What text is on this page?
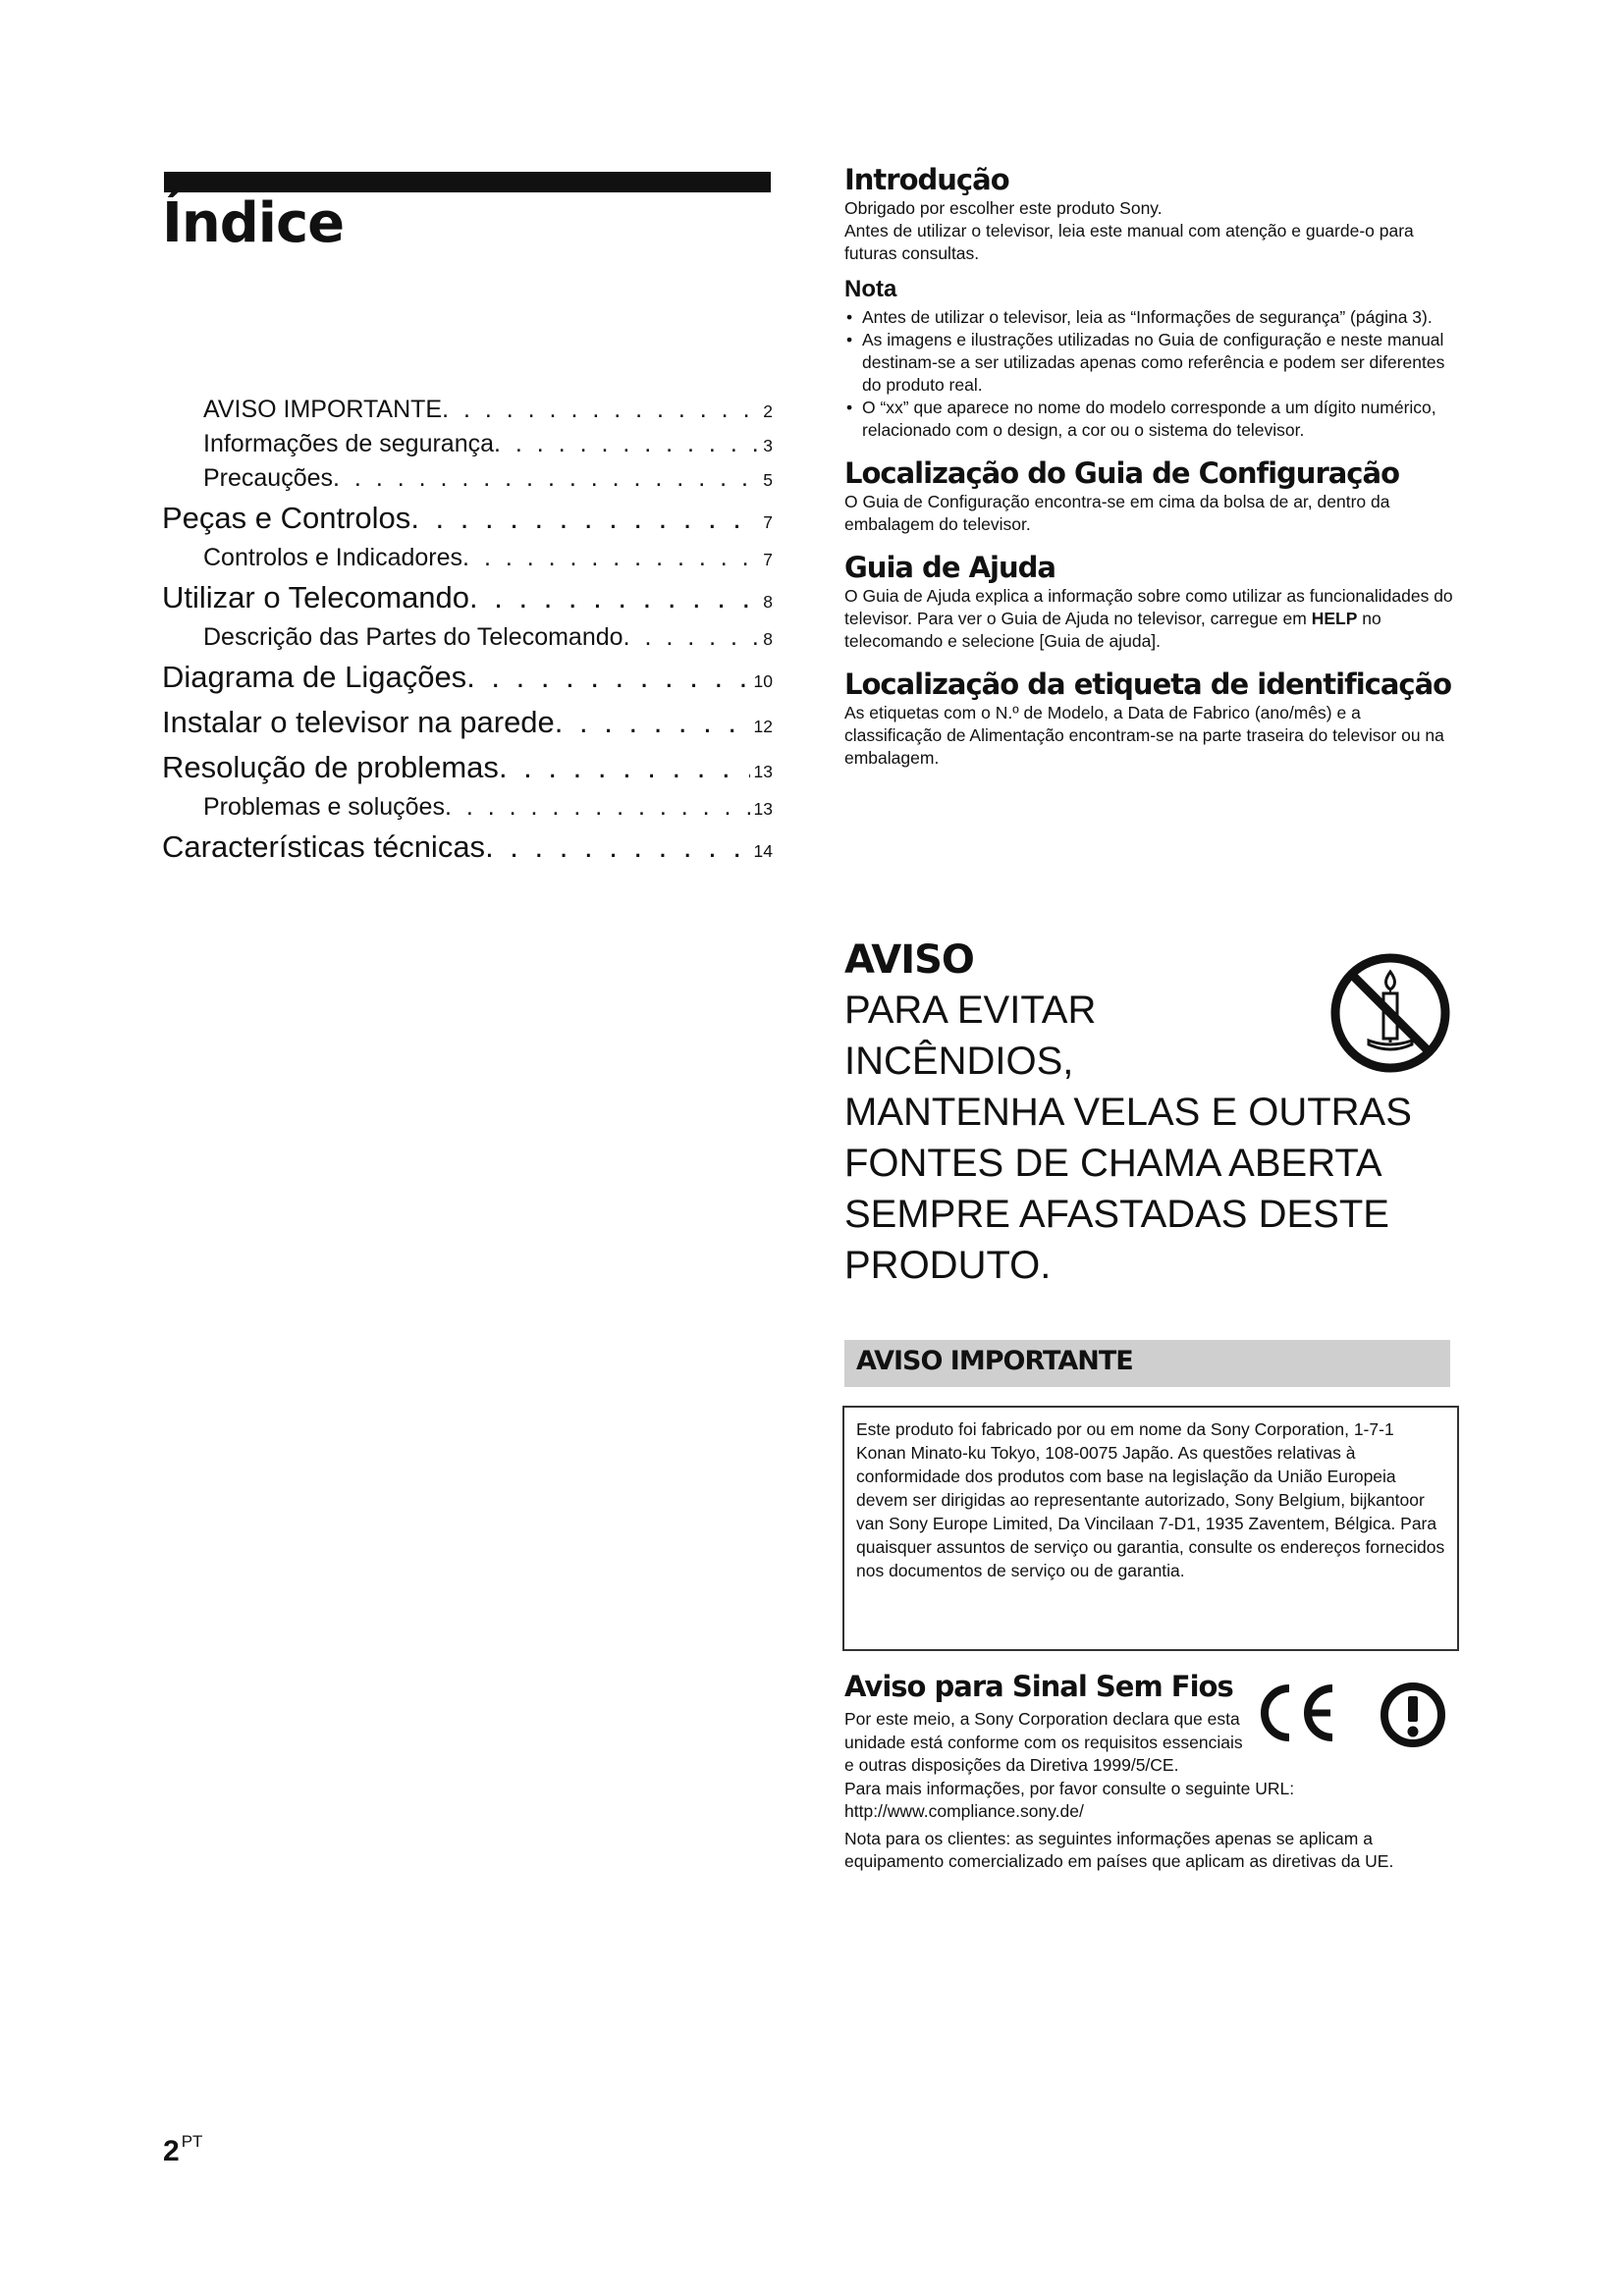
Índice
AVISO IMPORTANTE . . .	2
Informações de segurança . . .	3
Precauções . . .	5
Peças e Controlos . . .	7
Controlos e Indicadores . . .	7
Utilizar o Telecomando . . .	8
Descrição das Partes do Telecomando . . .	8
Diagrama de Ligações . . .	10
Instalar o televisor na parede . . .	12
Resolução de problemas . . .	13
Problemas e soluções . . .	13
Características técnicas . . .	14
Introdução

Obrigado por escolher este produto Sony.

Antes de utilizar o televisor, leia este manual com atenção e guarde-o para futuras consultas.

Nota
• Antes de utilizar o televisor, leia as “Informações de segurança” (página 3).
• As imagens e ilustrações utilizadas no Guia de configuração e neste manual destinam-se a ser utilizadas apenas como referência e podem ser diferentes do produto real.
• O “xx” que aparece no nome do modelo corresponde a um dígito numérico, relacionado com o design, a cor ou o sistema do televisor.
Localização do Guia de Configuração

O Guia de Configuração encontra-se em cima da bolsa de ar, dentro da embalagem do televisor.

Guia de Ajuda

O Guia de Ajuda explica a informação sobre como utilizar as funcionalidades do televisor. Para ver o Guia de Ajuda no televisor, carregue em HELP no telecomando e selecione [Guia de ajuda].

Localização da etiqueta de identificação

As etiquetas com o N.º de Modelo, a Data de Fabrico (ano/mês) e a classificação de Alimentação encontram-se na parte traseira do televisor ou na embalagem.

AVISO
PARA EVITAR
INCÊNDIOS,
MANTENHA VELAS E OUTRAS
FONTES DE CHAMA ABERTA
SEMPRE AFASTADAS DESTE
PRODUTO.
AVISO IMPORTANTE

Este produto foi fabricado por ou em nome da Sony Corporation, 1-7-1 Konan Minato-ku Tokyo, 108-0075 Japão. As questões relativas à conformidade dos produtos com base na legislação da União Europeia devem ser dirigidas ao representante autorizado, Sony Belgium, bijkantoor van Sony Europe Limited, Da Vincilaan 7-D1, 1935 Zaventem, Bélgica. Para quaisquer assuntos de serviço ou garantia, consulte os endereços fornecidos nos documentos de serviço ou de garantia.

Aviso para Sinal Sem Fios

Por este meio, a Sony Corporation declara que esta unidade está conforme com os requisitos essenciais e outras disposições da Diretiva 1999/5/CE.

Para mais informações, por favor consulte o seguinte URL:

http://www.compliance.sony.de/

Nota para os clientes: as seguintes informações apenas se aplicam a equipamento comercializado em países que aplicam as diretivas da UE.

2 $^{PT}$
